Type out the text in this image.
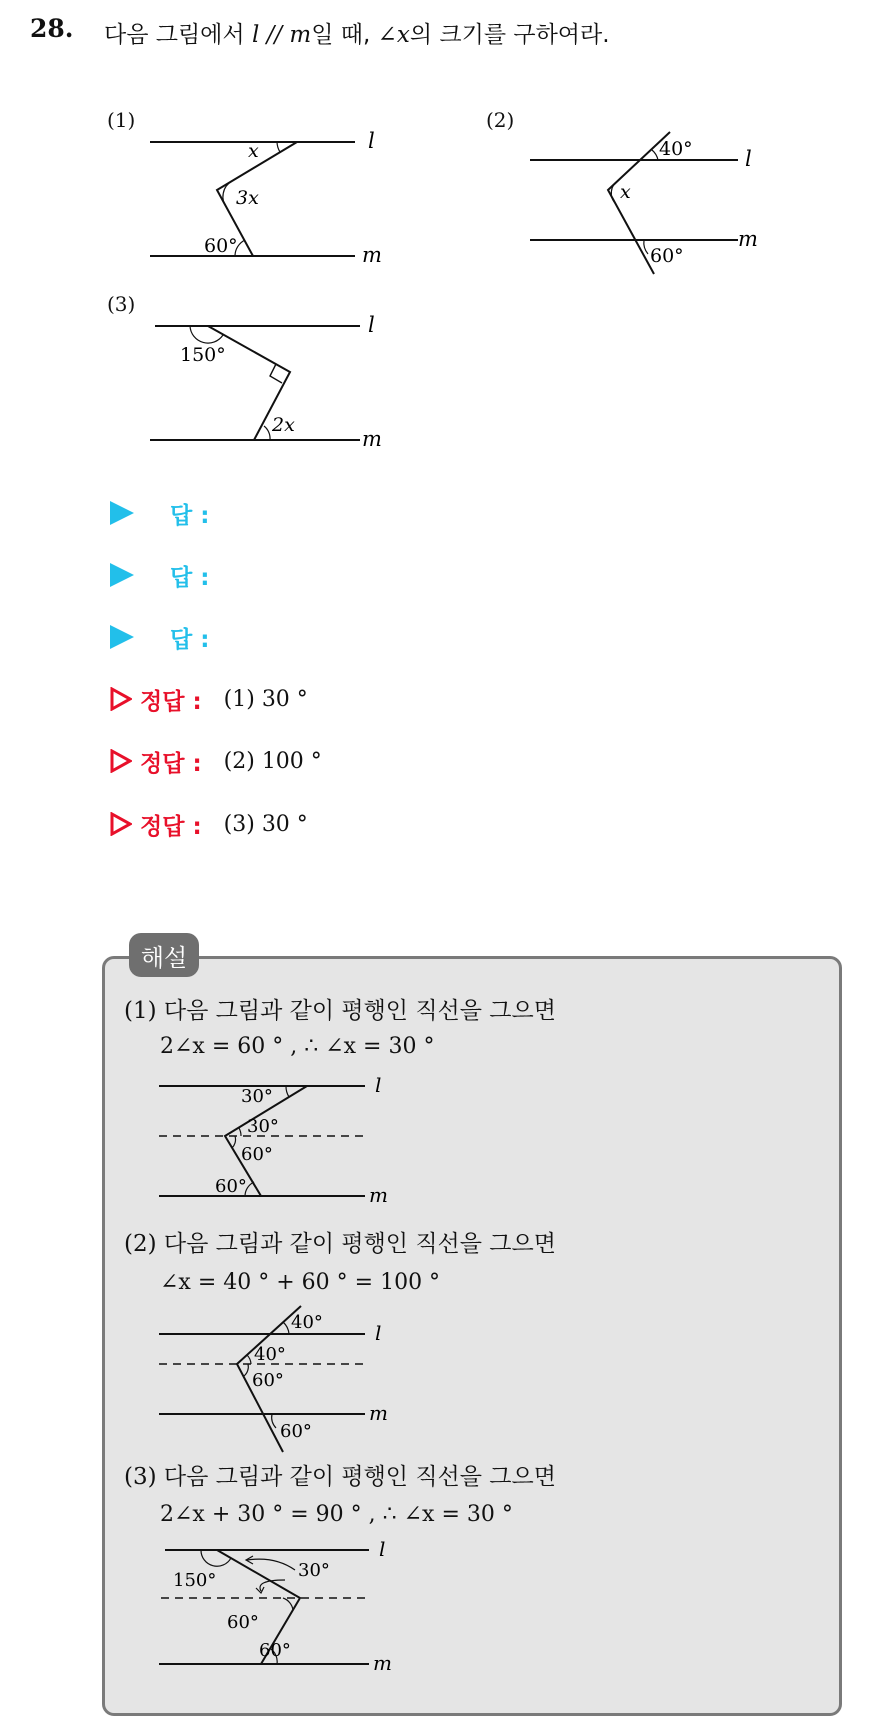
28. 다음 그림에서 l // m일 때, ∠x의 크기를 구하여라.
(1)	(2)
(3)
x
3x
60°
l
m
40°
x
60°
l
m
150°
2x
l
m
답 :
답 :
답 :
정답 : (1) 30 °
정답 : (2) 100 °
정답 : (3) 30 °
해설
(1) 다음 그림과 같이 평행인 직선을 그으면
2∠x = 60 ° , ∴ ∠x = 30 °
30°
30°
60°
60°
l
m
(2) 다음 그림과 같이 평행인 직선을 그으면
∠x = 40 ° + 60 ° = 100 °
40°
40°
60°
60°
l
m
(3) 다음 그림과 같이 평행인 직선을 그으면
2∠x + 30 ° = 90 ° , ∴ ∠x = 30 °
30°
150°
60°
60°
l
m
